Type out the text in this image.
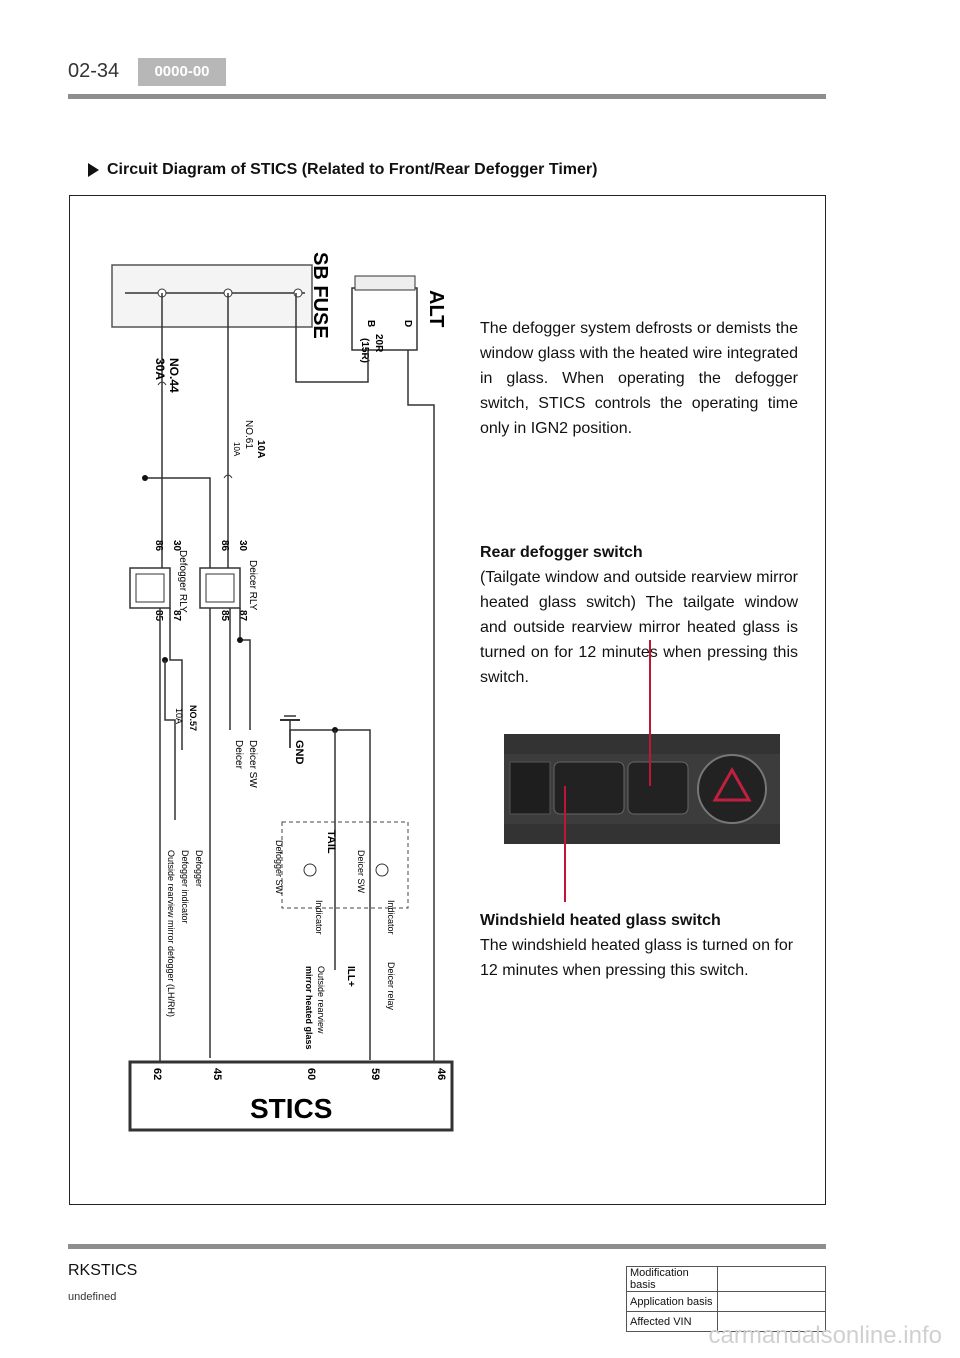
02-34	0000-00
Circuit Diagram of STICS (Related to Front/Rear Defogger Timer)
SB FUSE	ALT
B	D
20R
(15R)
NO.44
30A
10A
NO.61
10A
Defogger RLY
86 30
85 87
Deicer RLY
86 30
85 87
NO.57
10A
GND
Deicer SW
Deicer
TAIL
Deicer SW
Defogger SW
Indicator	Indicator
Deicer relay
ILL+
Outside rearview
mirror heated glass
Defogger
Defogger indicator
Outside rearview mirror defogger (LH/RH)
STICS
62	45	60	59	46
The defogger system defrosts or demists the window glass with the heated wire integrated in glass. When operating the defogger switch, STICS controls the operating time only in IGN2 position.
Rear defogger switch
(Tailgate window and outside rearview mirror heated glass switch) The tailgate window and outside rearview mirror heated glass is turned on for 12 minutes when pressing this switch.
Windshield heated glass switch
The windshield heated glass is turned on for 12 minutes when pressing this switch.
RKSTICS
undefined
Modification basis	
Application basis	
Affected VIN	
carmanualsonline.info
